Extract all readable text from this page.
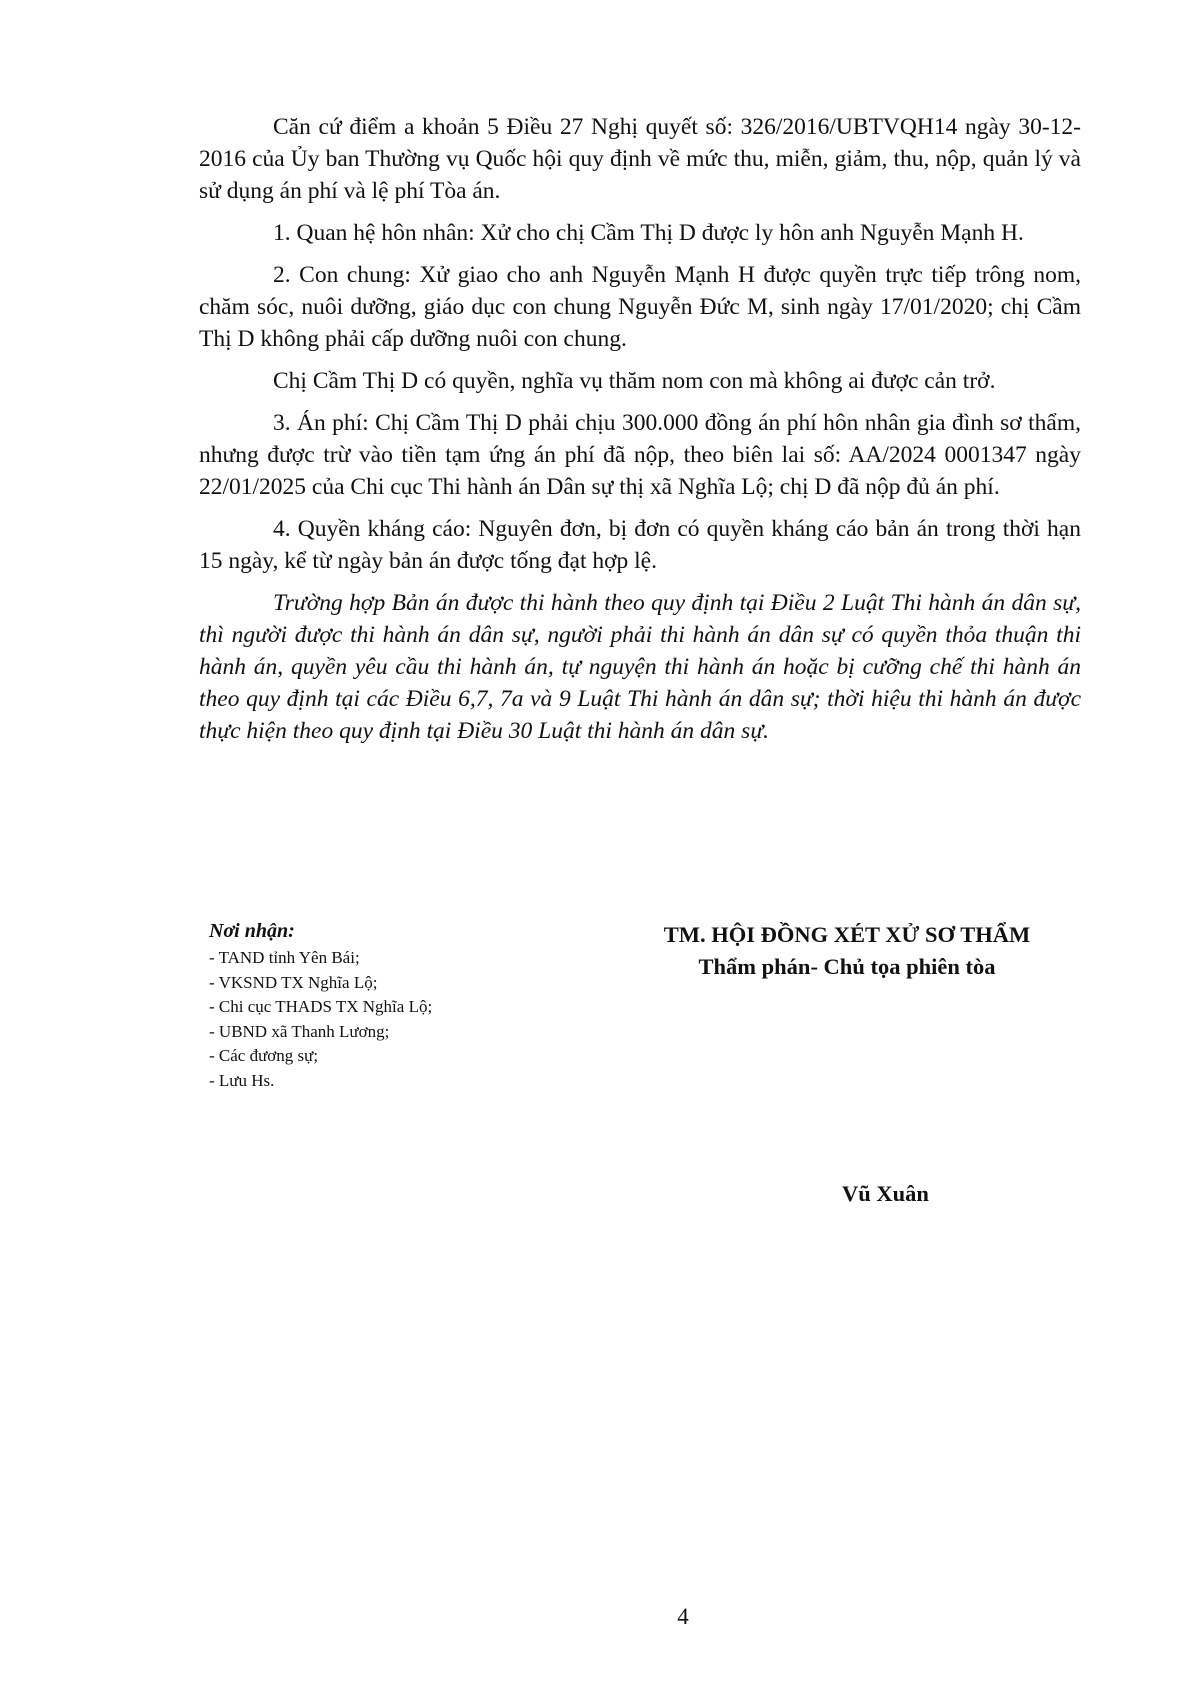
Căn cứ điểm a khoản 5 Điều 27 Nghị quyết số: 326/2016/UBTVQH14 ngày 30-12-2016 của Ủy ban Thường vụ Quốc hội quy định về mức thu, miễn, giảm, thu, nộp, quản lý và sử dụng án phí và lệ phí Tòa án.

1. Quan hệ hôn nhân: Xử cho chị Cầm Thị D được ly hôn anh Nguyễn Mạnh H.

2. Con chung: Xử giao cho anh Nguyễn Mạnh H được quyền trực tiếp trông nom, chăm sóc, nuôi dưỡng, giáo dục con chung Nguyễn Đức M, sinh ngày 17/01/2020; chị Cầm Thị D không phải cấp dưỡng nuôi con chung.

Chị Cầm Thị D có quyền, nghĩa vụ thăm nom con mà không ai được cản trở.

3. Án phí: Chị Cầm Thị D phải chịu 300.000 đồng án phí hôn nhân gia đình sơ thẩm, nhưng được trừ vào tiền tạm ứng án phí đã nộp, theo biên lai số: AA/2024 0001347 ngày 22/01/2025 của Chi cục Thi hành án Dân sự thị xã Nghĩa Lộ; chị D đã nộp đủ án phí.

4. Quyền kháng cáo: Nguyên đơn, bị đơn có quyền kháng cáo bản án trong thời hạn 15 ngày, kể từ ngày bản án được tống đạt hợp lệ.

Trường hợp Bản án được thi hành theo quy định tại Điều 2 Luật Thi hành án dân sự, thì người được thi hành án dân sự, người phải thi hành án dân sự có quyền thỏa thuận thi hành án, quyền yêu cầu thi hành án, tự nguyện thi hành án hoặc bị cưỡng chế thi hành án theo quy định tại các Điều 6,7, 7a và 9 Luật Thi hành án dân sự; thời hiệu thi hành án được thực hiện theo quy định tại Điều 30 Luật thi hành án dân sự.

Nơi nhận:

- TAND tỉnh Yên Bái;
- VKSND TX Nghĩa Lộ;
- Chi cục THADS TX Nghĩa Lộ;
- UBND xã Thanh Lương;
- Các đương sự;
- Lưu Hs.

TM. HỘI ĐỒNG XÉT XỬ SƠ THẨM

Thẩm phán- Chủ tọa phiên tòa

Vũ Xuân
4
